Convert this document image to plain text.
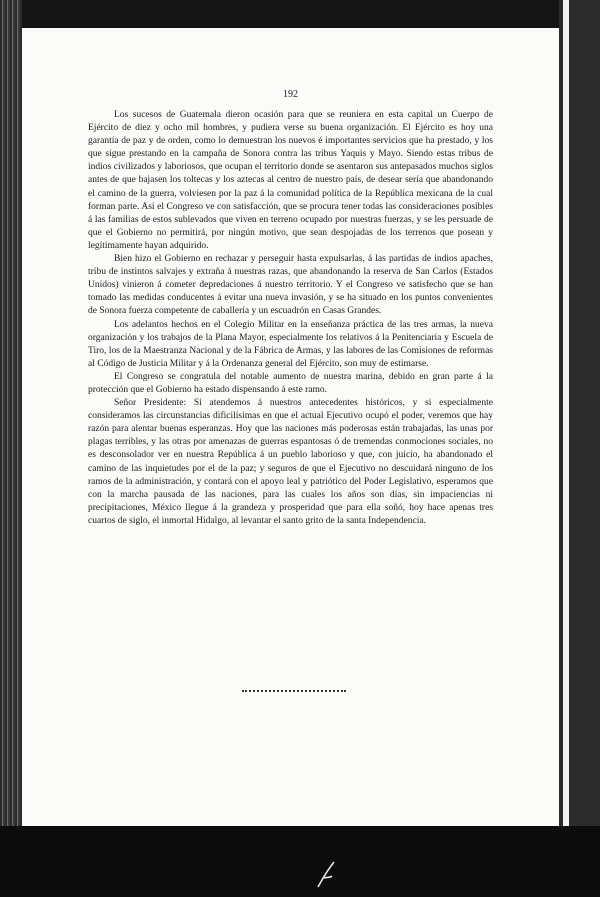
192

Los sucesos de Guatemala dieron ocasión para que se reuniera en esta capital un Cuerpo de Ejército de diez y ocho mil hombres, y pudiera verse su buena organización. El Ejército es hoy una garantía de paz y de orden, como lo demuestran los nuevos é importantes servicios que ha prestado, y los que sigue prestando en la campaña de Sonora contra las tribus Yaquis y Mayo. Siendo estas tribus de indios civilizados y laboriosos, que ocupan el territorio donde se asentaron sus antepasados muchos siglos antes de que bajasen los toltecas y los aztecas al centro de nuestro país, de desear sería que abandonando el camino de la guerra, volviesen por la paz á la comunidad política de la República mexicana de la cual forman parte. Así el Congreso ve con satisfacción, que se procura tener todas las consideraciones posibles á las familias de estos sublevados que viven en terreno ocupado por nuestras fuerzas, y se les persuade de que el Gobierno no permitirá, por ningún motivo, que sean despojadas de los terrenos que posean y legítimamente hayan adquirido.

Bien hizo el Gobierno en rechazar y perseguir hasta expulsarlas, á las partidas de indios apaches, tribu de instintos salvajes y extraña á nuestras razas, que abandonando la reserva de San Carlos (Estados Unidos) vinieron á cometer depredaciones á nuestro territorio. Y el Congreso ve satisfecho que se han tomado las medidas conducentes á evitar una nueva invasión, y se ha situado en los puntos convenientes de Sonora fuerza competente de caballería y un escuadrón en Casas Grandes.

Los adelantos hechos en el Colegio Militar en la enseñanza práctica de las tres armas, la nueva organización y los trabajos de la Plana Mayor, especialmente los relativos á la Penitenciaría y Escuela de Tiro, los de la Maestranza Nacional y de la Fábrica de Armas, y las labores de las Comisiones de reformas al Código de Justicia Militar y á la Ordenanza general del Ejército, son muy de estimarse.

El Congreso se congratula del notable aumento de nuestra marina, debido en gran parte á la protección que el Gobierno ha estado dispensando á este ramo.

Señor Presidente: Si atendemos á nuestros antecedentes históricos, y si especialmente consideramos las circunstancias dificilísimas en que el actual Ejecutivo ocupó el poder, veremos que hay razón para alentar buenas esperanzas. Hoy que las naciones más poderosas están trabajadas, las unas por plagas terribles, y las otras por amenazas de guerras espantosas ó de tremendas conmociones sociales, no es desconsolador ver en nuestra República á un pueblo laborioso y que, con juicio, ha abandonado el camino de las inquietudes por el de la paz; y seguros de que el Ejecutivo no descuidará ninguno de los ramos de la administración, y contará con el apoyo leal y patriótico del Poder Legislativo, esperamos que con la marcha pausada de las naciones, para las cuales los años son días, sin impaciencias ni precipitaciones, México llegue á la grandeza y prosperidad que para ella soñó, hoy hace apenas tres cuartos de siglo, el inmortal Hidalgo, al levantar el santo grito de la santa Independencia.
